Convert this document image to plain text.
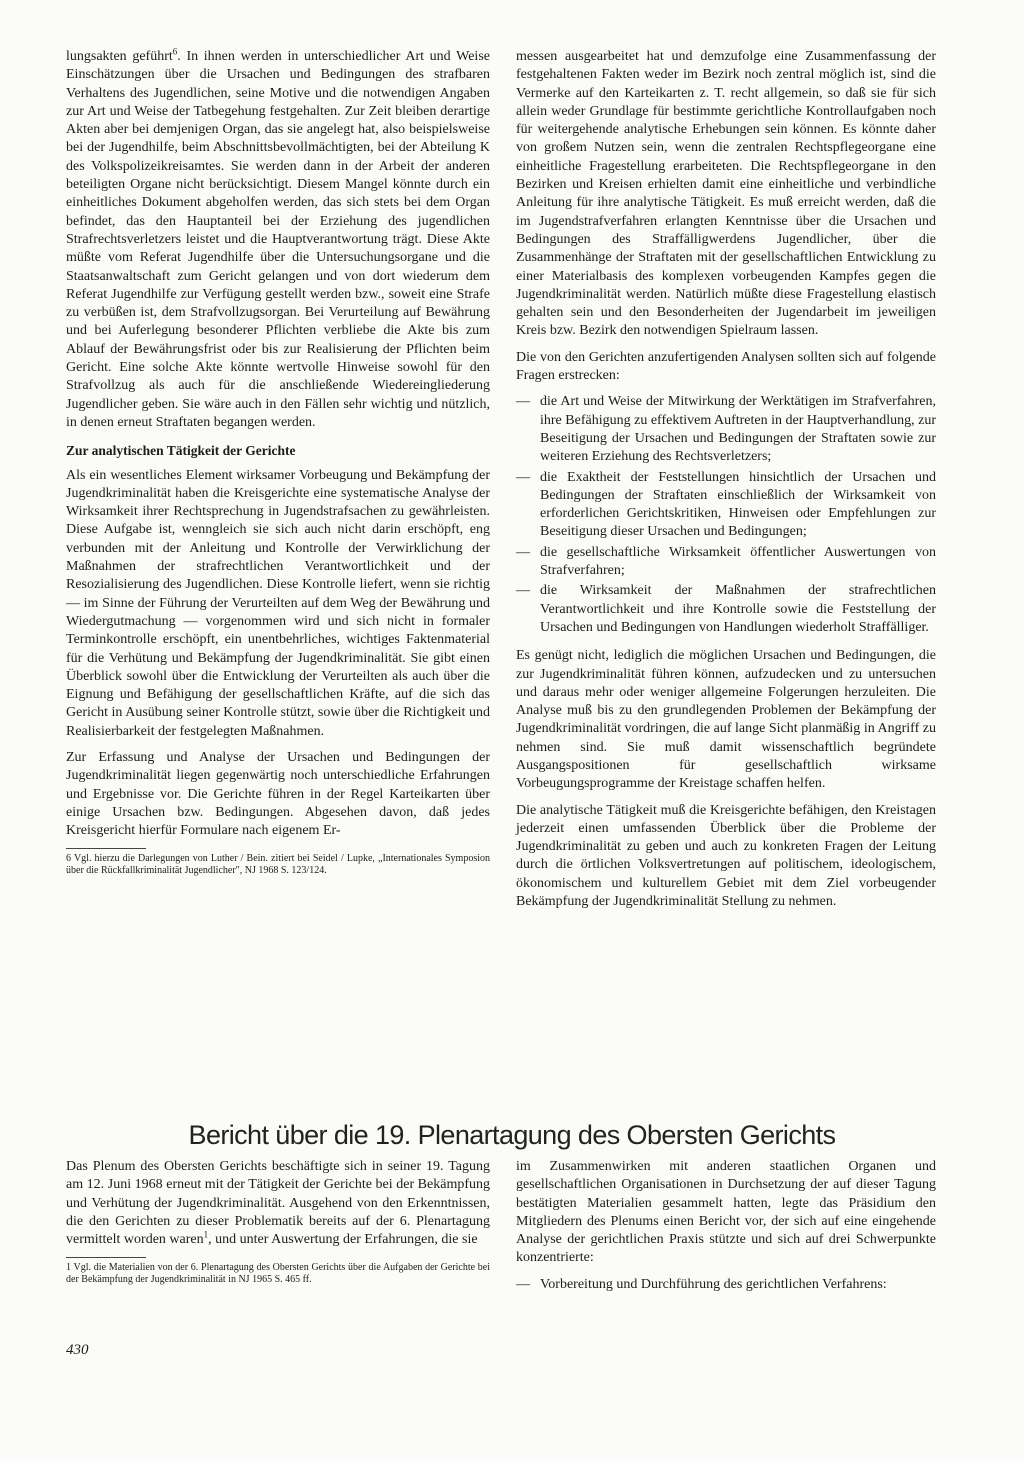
lungsakten geführt$^6$. In ihnen werden in unterschiedlicher Art und Weise Einschätzungen über die Ursachen und Bedingungen des strafbaren Verhaltens des Jugendlichen, seine Motive und die notwendigen Angaben zur Art und Weise der Tatbegehung festgehalten. Zur Zeit bleiben derartige Akten aber bei demjenigen Organ, das sie angelegt hat, also beispielsweise bei der Jugendhilfe, beim Abschnittsbevollmächtigten, bei der Abteilung K des Volkspolizeikreisamtes. Sie werden dann in der Arbeit der anderen beteiligten Organe nicht berücksichtigt. Diesem Mangel könnte durch ein einheitliches Dokument abgeholfen werden, das sich stets bei dem Organ befindet, das den Hauptanteil bei der Erziehung des jugendlichen Strafrechtsverletzers leistet und die Hauptverantwortung trägt. Diese Akte müßte vom Referat Jugendhilfe über die Untersuchungsorgane und die Staatsanwaltschaft zum Gericht gelangen und von dort wiederum dem Referat Jugendhilfe zur Verfügung gestellt werden bzw., soweit eine Strafe zu verbüßen ist, dem Strafvollzugsorgan. Bei Verurteilung auf Bewährung und bei Auferlegung besonderer Pflichten verbliebe die Akte bis zum Ablauf der Bewährungsfrist oder bis zur Realisierung der Pflichten beim Gericht. Eine solche Akte könnte wertvolle Hinweise sowohl für den Strafvollzug als auch für die anschließende Wiedereingliederung Jugendlicher geben. Sie wäre auch in den Fällen sehr wichtig und nützlich, in denen erneut Straftaten begangen werden.

Zur analytischen Tätigkeit der Gerichte

Als ein wesentliches Element wirksamer Vorbeugung und Bekämpfung der Jugendkriminalität haben die Kreisgerichte eine systematische Analyse der Wirksamkeit ihrer Rechtsprechung in Jugendstrafsachen zu gewährleisten. Diese Aufgabe ist, wenngleich sie sich auch nicht darin erschöpft, eng verbunden mit der Anleitung und Kontrolle der Verwirklichung der Maßnahmen der strafrechtlichen Verantwortlichkeit und der Resozialisierung des Jugendlichen. Diese Kontrolle liefert, wenn sie richtig — im Sinne der Führung der Verurteilten auf dem Weg der Bewährung und Wiedergutmachung — vorgenommen wird und sich nicht in formaler Terminkontrolle erschöpft, ein unentbehrliches, wichtiges Faktenmaterial für die Verhütung und Bekämpfung der Jugendkriminalität. Sie gibt einen Überblick sowohl über die Entwicklung der Verurteilten als auch über die Eignung und Befähigung der gesellschaftlichen Kräfte, auf die sich das Gericht in Ausübung seiner Kontrolle stützt, sowie über die Richtigkeit und Realisierbarkeit der festgelegten Maßnahmen.

Zur Erfassung und Analyse der Ursachen und Bedingungen der Jugendkriminalität liegen gegenwärtig noch unterschiedliche Erfahrungen und Ergebnisse vor. Die Gerichte führen in der Regel Karteikarten über einige Ursachen bzw. Bedingungen. Abgesehen davon, daß jedes Kreisgericht hierfür Formulare nach eigenem Er-

6 Vgl. hierzu die Darlegungen von Luther / Bein. zitiert bei Seidel / Lupke, „Internationales Symposion über die Rückfallkriminalität Jugendlicher", NJ 1968 S. 123/124.

messen ausgearbeitet hat und demzufolge eine Zusammenfassung der festgehaltenen Fakten weder im Bezirk noch zentral möglich ist, sind die Vermerke auf den Karteikarten z. T. recht allgemein, so daß sie für sich allein weder Grundlage für bestimmte gerichtliche Kontrollaufgaben noch für weitergehende analytische Erhebungen sein können. Es könnte daher von großem Nutzen sein, wenn die zentralen Rechtspflegeorgane eine einheitliche Fragestellung erarbeiteten. Die Rechtspflegeorgane in den Bezirken und Kreisen erhielten damit eine einheitliche und verbindliche Anleitung für ihre analytische Tätigkeit. Es muß erreicht werden, daß die im Jugendstrafverfahren erlangten Kenntnisse über die Ursachen und Bedingungen des Straffälligwerdens Jugendlicher, über die Zusammenhänge der Straftaten mit der gesellschaftlichen Entwicklung zu einer Materialbasis des komplexen vorbeugenden Kampfes gegen die Jugendkriminalität werden. Natürlich müßte diese Fragestellung elastisch gehalten sein und den Besonderheiten der Jugendarbeit im jeweiligen Kreis bzw. Bezirk den notwendigen Spielraum lassen.

Die von den Gerichten anzufertigenden Analysen sollten sich auf folgende Fragen erstrecken:

— die Art und Weise der Mitwirkung der Werktätigen im Strafverfahren, ihre Befähigung zu effektivem Auftreten in der Hauptverhandlung, zur Beseitigung der Ursachen und Bedingungen der Straftaten sowie zur weiteren Erziehung des Rechtsverletzers;
— die Exaktheit der Feststellungen hinsichtlich der Ursachen und Bedingungen der Straftaten einschließlich der Wirksamkeit von erforderlichen Gerichtskritiken, Hinweisen oder Empfehlungen zur Beseitigung dieser Ursachen und Bedingungen;
— die gesellschaftliche Wirksamkeit öffentlicher Auswertungen von Strafverfahren;
— die Wirksamkeit der Maßnahmen der strafrechtlichen Verantwortlichkeit und ihre Kontrolle sowie die Feststellung der Ursachen und Bedingungen von Handlungen wiederholt Straffälliger.

Es genügt nicht, lediglich die möglichen Ursachen und Bedingungen, die zur Jugendkriminalität führen können, aufzudecken und zu untersuchen und daraus mehr oder weniger allgemeine Folgerungen herzuleiten. Die Analyse muß bis zu den grundlegenden Problemen der Bekämpfung der Jugendkriminalität vordringen, die auf lange Sicht planmäßig in Angriff zu nehmen sind. Sie muß damit wissenschaftlich begründete Ausgangspositionen für gesellschaftlich wirksame Vorbeugungsprogramme der Kreistage schaffen helfen.

Die analytische Tätigkeit muß die Kreisgerichte befähigen, den Kreistagen jederzeit einen umfassenden Überblick über die Probleme der Jugendkriminalität zu geben und auch zu konkreten Fragen der Leitung durch die örtlichen Volksvertretungen auf politischem, ideologischem, ökonomischem und kulturellem Gebiet mit dem Ziel vorbeugender Bekämpfung der Jugendkriminalität Stellung zu nehmen.

Bericht über die 19. Plenartagung des Obersten Gerichts

Das Plenum des Obersten Gerichts beschäftigte sich in seiner 19. Tagung am 12. Juni 1968 erneut mit der Tätigkeit der Gerichte bei der Bekämpfung und Verhütung der Jugendkriminalität. Ausgehend von den Erkenntnissen, die den Gerichten zu dieser Problematik bereits auf der 6. Plenartagung vermittelt worden waren$^1$, und unter Auswertung der Erfahrungen, die sie

1 Vgl. die Materialien von der 6. Plenartagung des Obersten Gerichts über die Aufgaben der Gerichte bei der Bekämpfung der Jugendkriminalität in NJ 1965 S. 465 ff.

im Zusammenwirken mit anderen staatlichen Organen und gesellschaftlichen Organisationen in Durchsetzung der auf dieser Tagung bestätigten Materialien gesammelt hatten, legte das Präsidium den Mitgliedern des Plenums einen Bericht vor, der sich auf eine eingehende Analyse der gerichtlichen Praxis stützte und sich auf drei Schwerpunkte konzentrierte:

— Vorbereitung und Durchführung des gerichtlichen Verfahrens:
430
